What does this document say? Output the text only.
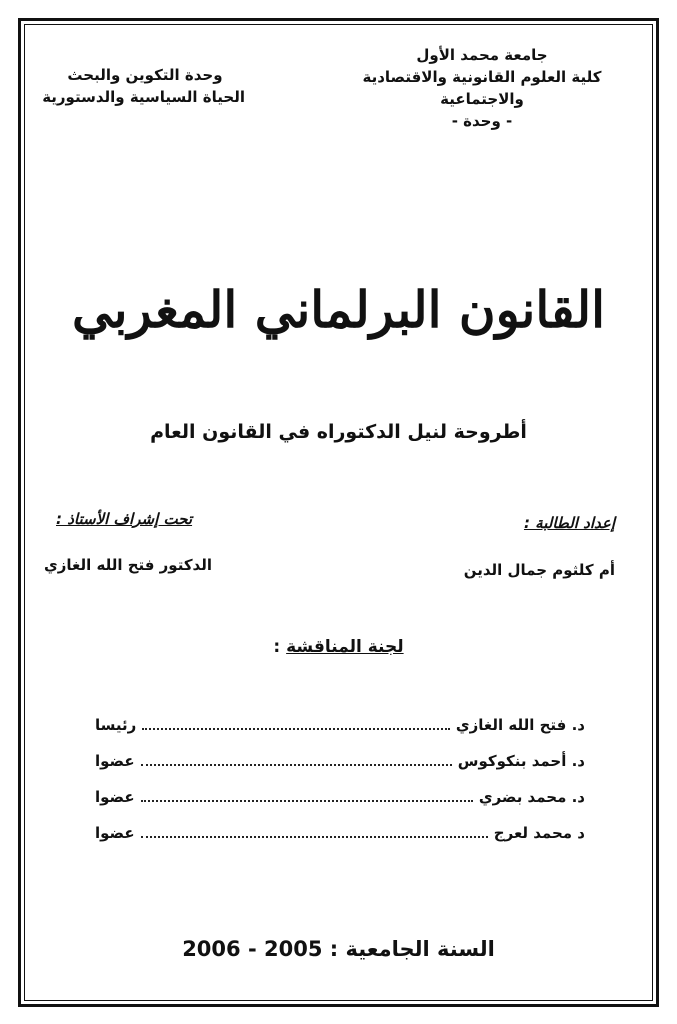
جامعة محمد الأول
كلية العلوم القانونية والاقتصادية
والاجتماعية
- وحدة -
وحدة التكوين والبحث
الحياة السياسية والدستورية
القانون البرلماني المغربي
أطروحة لنيل الدكتوراه في القانون العام
إعداد الطالبة :
تحت إشراف الأستاذ :
أم كلثوم جمال الدين
الدكتور فتح الله الغازي
لجنة المناقشة :
د. فتح الله الغازي
رئيسا
د. أحمد بنكوكوس
عضوا
د. محمد بضري
عضوا
د محمد لعرج
عضوا
السنة الجامعية : 2005 - 2006
